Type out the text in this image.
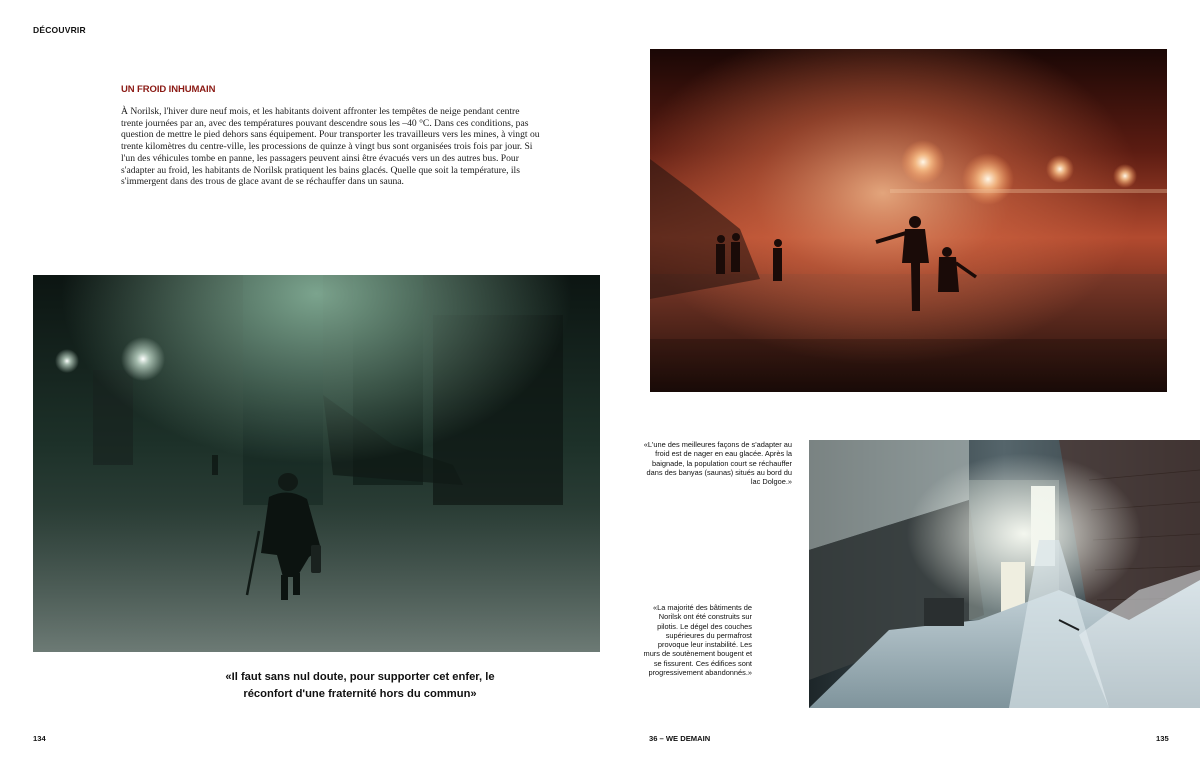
DÉCOUVRIR
UN FROID INHUMAIN

À Norilsk, l'hiver dure neuf mois, et les habitants doivent affronter les tempêtes de neige pendant centre trente journées par an, avec des températures pouvant descendre sous les –40 °C. Dans ces conditions, pas question de mettre le pied dehors sans équipement. Pour transporter les travailleurs vers les mines, à vingt ou trente kilomètres du centre-ville, les processions de quinze à vingt bus sont organisées trois fois par jour. Si l'un des véhicules tombe en panne, les passagers peuvent ainsi être évacués vers un des autres bus. Pour s'adapter au froid, les habitants de Norilsk pratiquent les bains glacés. Quelle que soit la température, ils s'immergent dans des trous de glace avant de se réchauffer dans un sauna.

«Il faut sans nul doute, pour supporter cet enfer, le réconfort d'une fraternité hors du commun»
«L'une des meilleures façons de s'adapter au froid est de nager en eau glacée. Après la baignade, la population court se réchauffer dans des banyas (saunas) situés au bord du lac Dolgoe.»
«La majorité des bâtiments de Norilsk ont été construits sur pilotis. Le dégel des couches supérieures du permafrost provoque leur instabilité. Les murs de soutènement bougent et se fissurent. Ces édifices sont progressivement abandonnés.»
134	36 – WE DEMAIN	135
